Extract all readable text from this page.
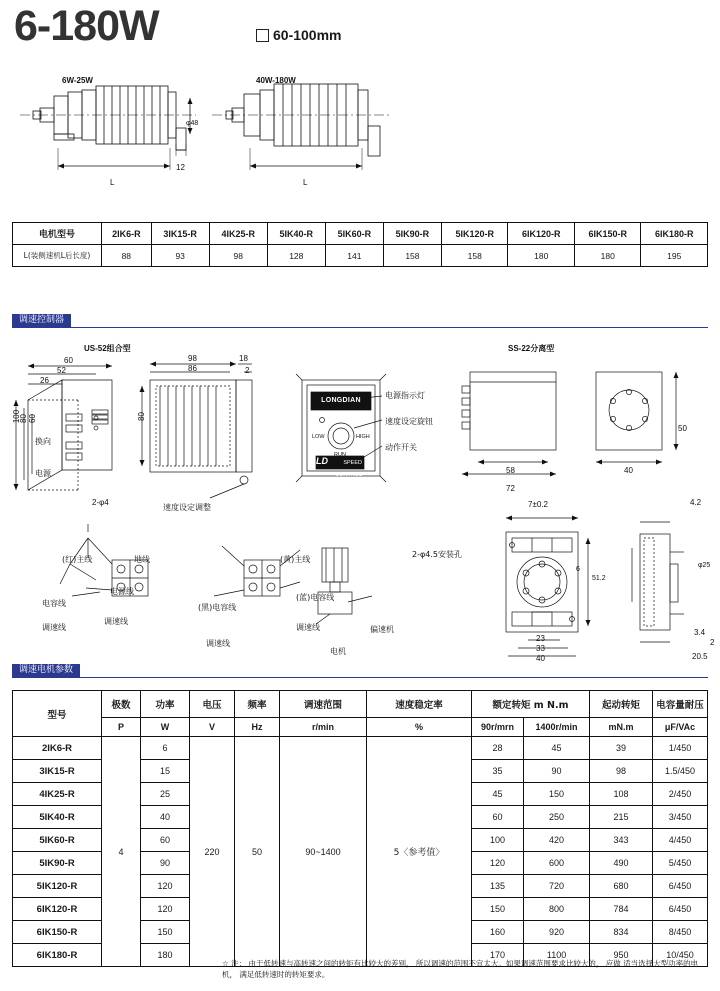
6-180W	60-100mm
6W-25W	40W-180W
L	L
12
φ48
电机型号	2IK6-R	3IK15-R	4IK25-R	5IK40-R	5IK60-R	5IK90-R	5IK120-R	6IK120-R	6IK150-R	6IK180-R
L(装侧速机L后长度)	88	93	98	128	141	158	158	180	180	195
调速控制器
US-52组合型	SS-22分离型
60
52
26
98
86
18
2
100
80 60	80
2-φ4
速度设定调整
LONGDIAN
LOW	HIGH
RUN
SPEED CONTROL
LD
RUN
STOP
CW
CCW
换向
电源
电源指示灯
速度设定旋钮
动作开关
58	40
72
50
7±0.2
51.2
6
23
33
40
4.2
φ25
3.4
2
20.5
2-φ4.5安装孔
(红)主线	地线
电源线
电容线
调速线
调速线
(黄)主线
(黑)电容线
(蓝)电容线
调速线
调速线
电机
偏速机
调速电机参数
型号	极数	功率	电压	频率	调速范围	速度稳定率	额定转矩 m N.m		起动转矩	电容量耐压
	P	W	V	Hz	r/min	%	90r/mrn	1400r/min	mN.m	μF/VAc
2IK6-R	4	6	220	50	90~1400	5〈参考值〉	28	45	39	1/450
3IK15-R		15					35	90	98	1.5/450
4IK25-R		25					45	150	108	2/450
5IK40-R		40					60	250	215	3/450
5IK60-R		60					100	420	343	4/450
5IK90-R		90					120	600	490	5/450
5IK120-R		120					135	720	680	6/450
6IK120-R		120					150	800	784	6/450
6IK150-R		150					160	920	834	8/450
6IK180-R		180					170	1100	950	10/450
☆ 注： 由于低转速与高转速之间的转矩有比较大的差别， 所以调速的范围不宜太大。如果调速范围要求比较大的， 应做 适当选择大型功率的电机， 满足低转速时的转矩要求。
